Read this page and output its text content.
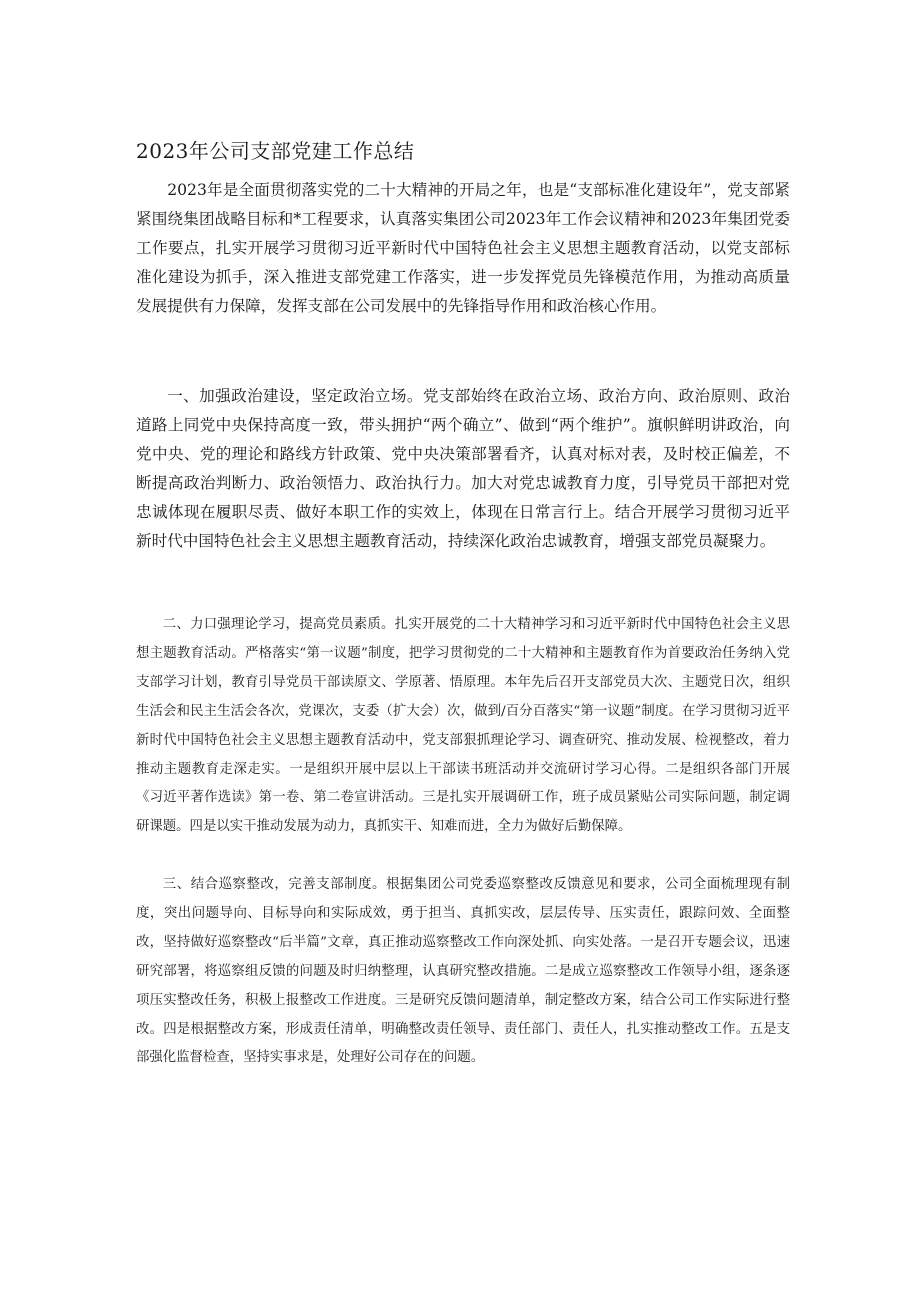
2023年公司支部党建工作总结

2023年是全面贯彻落实党的二十大精神的开局之年，也是“支部标准化建设年”，党支部紧紧围绕集团战略目标和*工程要求，认真落实集团公司2023年工作会议精神和2023年集团党委工作要点，扎实开展学习贯彻习近平新时代中国特色社会主义思想主题教育活动，以党支部标准化建设为抓手，深入推进支部党建工作落实，进一步发挥党员先锋模范作用，为推动高质量发展提供有力保障，发挥支部在公司发展中的先锋指导作用和政治核心作用。

一、加强政治建设，坚定政治立场。党支部始终在政治立场、政治方向、政治原则、政治道路上同党中央保持高度一致，带头拥护“两个确立”、做到“两个维护”。旗帜鲜明讲政治，向党中央、党的理论和路线方针政策、党中央决策部署看齐，认真对标对表，及时校正偏差，不断提高政治判断力、政治领悟力、政治执行力。加大对党忠诚教育力度，引导党员干部把对党忠诚体现在履职尽责、做好本职工作的实效上，体现在日常言行上。结合开展学习贯彻习近平新时代中国特色社会主义思想主题教育活动，持续深化政治忠诚教育，增强支部党员凝聚力。

二、力口强理论学习，提高党员素质。扎实开展党的二十大精神学习和习近平新时代中国特色社会主义思想主题教育活动。严格落实“第一议题”制度，把学习贯彻党的二十大精神和主题教育作为首要政治任务纳入党支部学习计划，教育引导党员干部读原文、学原著、悟原理。本年先后召开支部党员大次、主题党日次，组织生活会和民主生活会各次，党课次，支委（扩大会）次，做到/百分百落实“第一议题”制度。在学习贯彻习近平新时代中国特色社会主义思想主题教育活动中，党支部狠抓理论学习、调查研究、推动发展、检视整改，着力推动主题教育走深走实。一是组织开展中层以上干部读书班活动并交流研讨学习心得。二是组织各部门开展《习近平著作选读》第一卷、第二卷宣讲活动。三是扎实开展调研工作，班子成员紧贴公司实际问题，制定调研课题。四是以实干推动发展为动力，真抓实干、知难而进，全力为做好后勤保障。

三、结合巡察整改，完善支部制度。根据集团公司党委巡察整改反馈意见和要求，公司全面梳理现有制度，突出问题导向、目标导向和实际成效，勇于担当、真抓实改，层层传导、压实责任，跟踪问效、全面整改，坚持做好巡察整改“后半篇”文章，真正推动巡察整改工作向深处抓、向实处落。一是召开专题会议，迅速研究部署，将巡察组反馈的问题及时归纳整理，认真研究整改措施。二是成立巡察整改工作领导小组，逐条逐项压实整改任务，积极上报整改工作进度。三是研究反馈问题清单，制定整改方案，结合公司工作实际进行整改。四是根据整改方案，形成责任清单，明确整改责任领导、责任部门、责任人，扎实推动整改工作。五是支部强化监督检查，坚持实事求是，处理好公司存在的问题。
